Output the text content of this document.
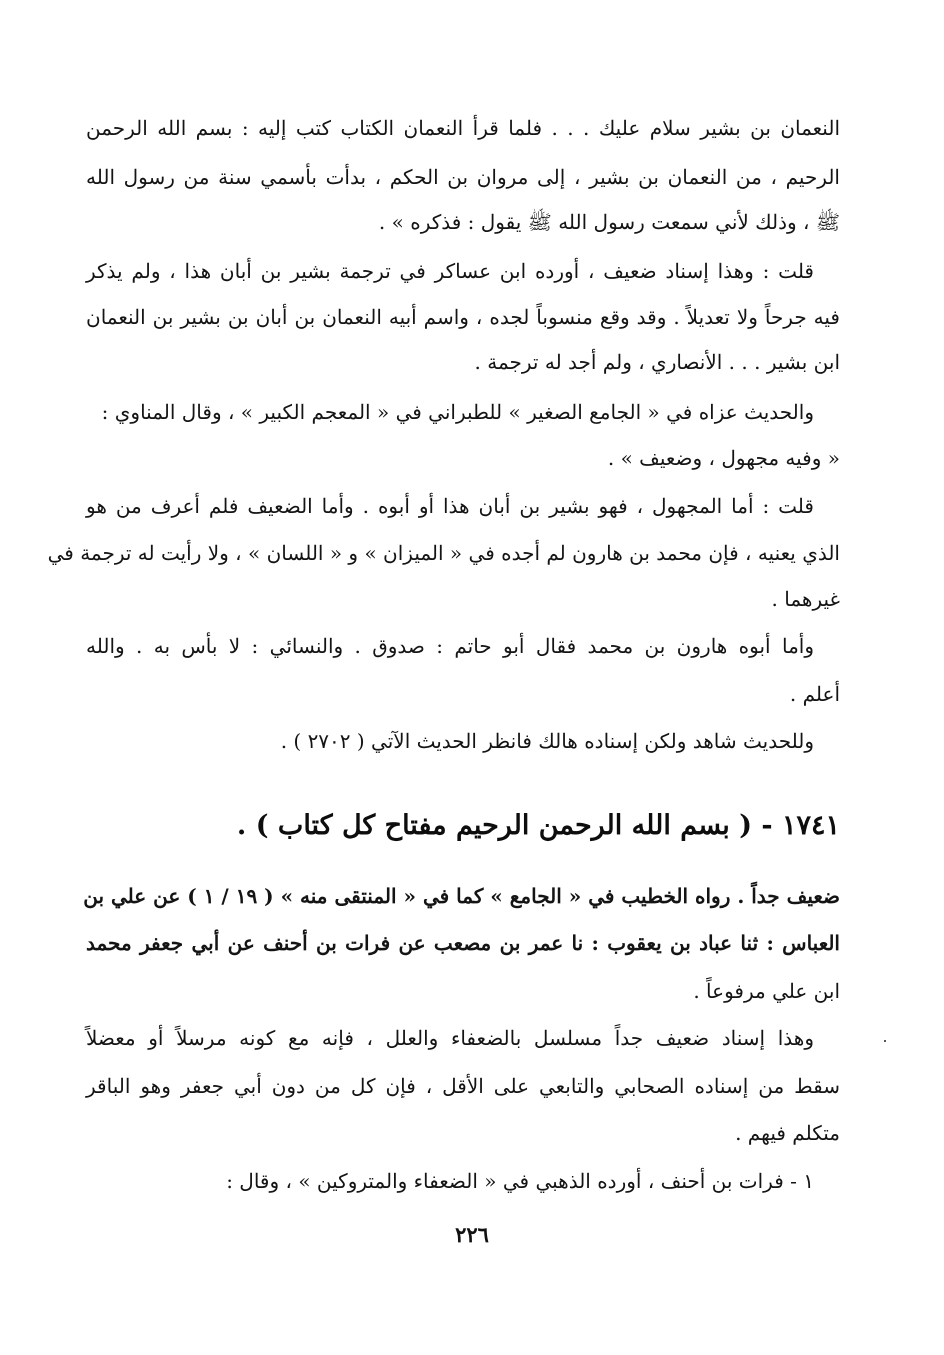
النعمان بن بشير سلام عليك . . . فلما قرأ النعمان الكتاب كتب إليه : بسم الله الرحمن
الرحيم ، من النعمان بن بشير ، إلى مروان بن الحكم ، بدأت بأسمي سنة من رسول الله
ﷺ ، وذلك لأني سمعت رسول الله ﷺ يقول : فذكره » .
قلت : وهذا إسناد ضعيف ، أورده ابن عساكر في ترجمة بشير بن أبان هذا ، ولم يذكر
فيه جرحاً ولا تعديلاً . وقد وقع منسوباً لجده ، واسم أبيه النعمان بن أبان بن بشير بن النعمان
ابن بشير . . . الأنصاري ، ولم أجد له ترجمة .
والحديث عزاه في « الجامع الصغير » للطبراني في « المعجم الكبير » ، وقال المناوي :
« وفيه مجهول ، وضعيف » .
قلت : أما المجهول ، فهو بشير بن أبان هذا أو أبوه . وأما الضعيف فلم أعرف من هو
الذي يعنيه ، فإن محمد بن هارون لم أجده في « الميزان » و « اللسان » ، ولا رأيت له ترجمة في
غيرهما .
وأما أبوه هارون بن محمد فقال أبو حاتم : صدوق . والنسائي : لا بأس به . والله
أعلم .
وللحديث شاهد ولكن إسناده هالك فانظر الحديث الآتي ( ٢٧٠٢ ) .
١٧٤١ - ( بسم الله الرحمن الرحيم مفتاح كل كتاب ) .
ضعيف جداً . رواه الخطيب في « الجامع » كما في « المنتقى منه » ( ١٩ / ١ ) عن علي بن
العباس : ثنا عباد بن يعقوب : نا عمر بن مصعب عن فرات بن أحنف عن أبي جعفر محمد
ابن علي مرفوعاً .
وهذا إسناد ضعيف جداً مسلسل بالضعفاء والعلل ، فإنه مع كونه مرسلاً أو معضلاً
سقط من إسناده الصحابي والتابعي على الأقل ، فإن كل من دون أبي جعفر وهو الباقر
متكلم فيهم .
١ - فرات بن أحنف ، أورده الذهبي في « الضعفاء والمتروكين » ، وقال :
٢٢٦
